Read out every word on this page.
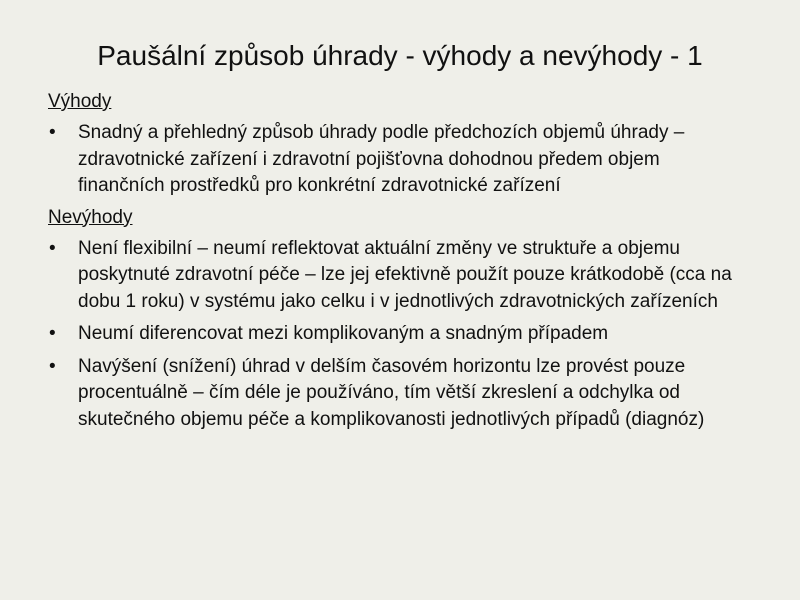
Paušální způsob úhrady - výhody a nevýhody - 1
Výhody
• Snadný a přehledný způsob úhrady podle předchozích objemů úhrady – zdravotnické zařízení i zdravotní pojišťovna dohodnou předem objem finančních prostředků pro konkrétní zdravotnické zařízení
Nevýhody
• Není flexibilní – neumí reflektovat aktuální změny ve struktuře a objemu poskytnuté zdravotní péče – lze jej efektivně použít pouze krátkodobě (cca na dobu 1 roku) v systému jako celku i v jednotlivých zdravotnických zařízeních
• Neumí diferencovat mezi komplikovaným a snadným případem
• Navýšení (snížení) úhrad v delším časovém horizontu lze provést pouze procentuálně – čím déle je používáno, tím větší zkreslení a odchylka od skutečného objemu péče a komplikovanosti jednotlivých případů (diagnóz)
